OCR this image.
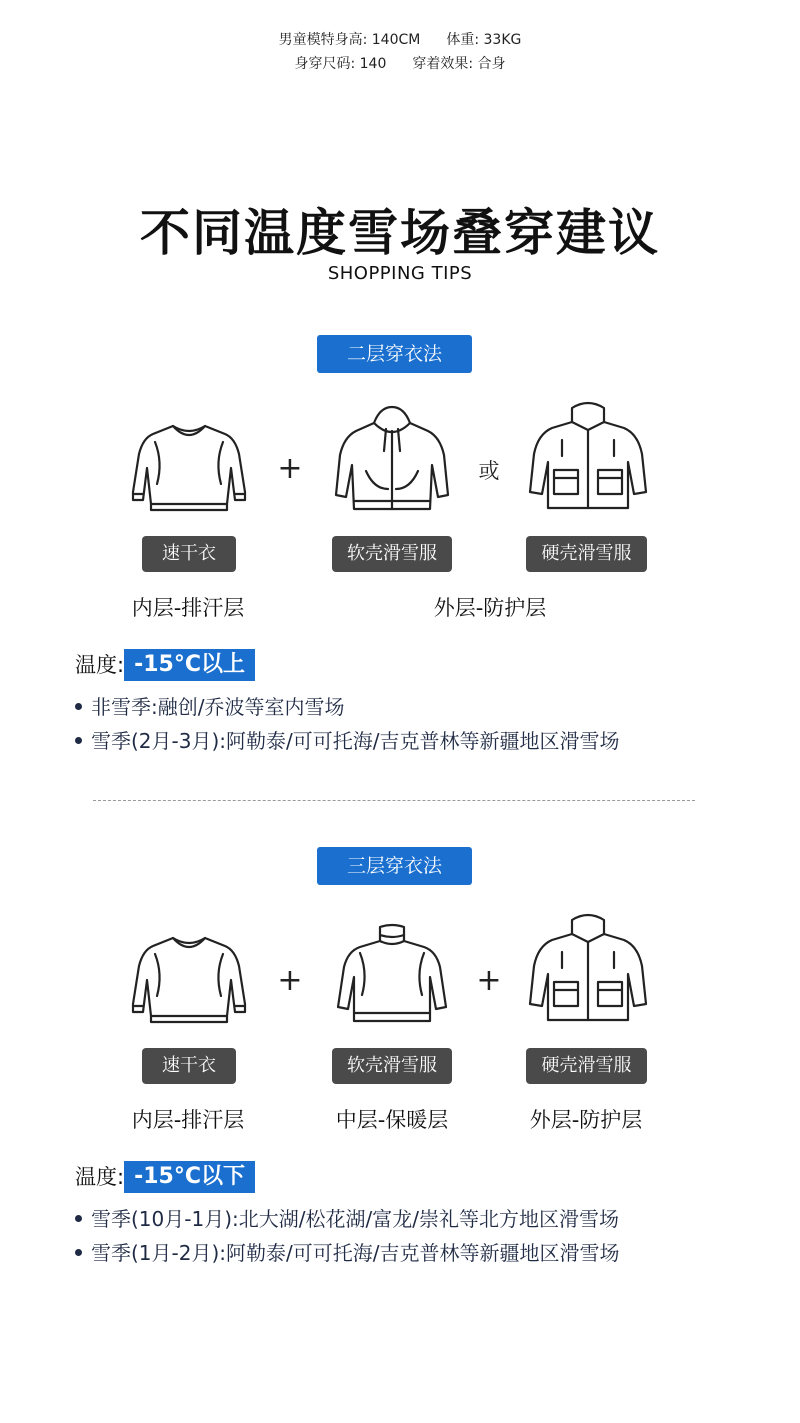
男童模特身高: 140CM 体重: 33KG
身穿尺码: 140 穿着效果: 合身
不同温度雪场叠穿建议
SHOPPING TIPS
二层穿衣法
+	或
速干衣	软壳滑雪服	硬壳滑雪服
内层-排汗层	外层-防护层
温度: -15°C以上
非雪季:融创/乔波等室内雪场
雪季(2月-3月):阿勒泰/可可托海/吉克普林等新疆地区滑雪场
三层穿衣法
+	+
速干衣	软壳滑雪服	硬壳滑雪服
内层-排汗层	中层-保暖层	外层-防护层
温度: -15°C以下
雪季(10月-1月):北大湖/松花湖/富龙/崇礼等北方地区滑雪场
雪季(1月-2月):阿勒泰/可可托海/吉克普林等新疆地区滑雪场
